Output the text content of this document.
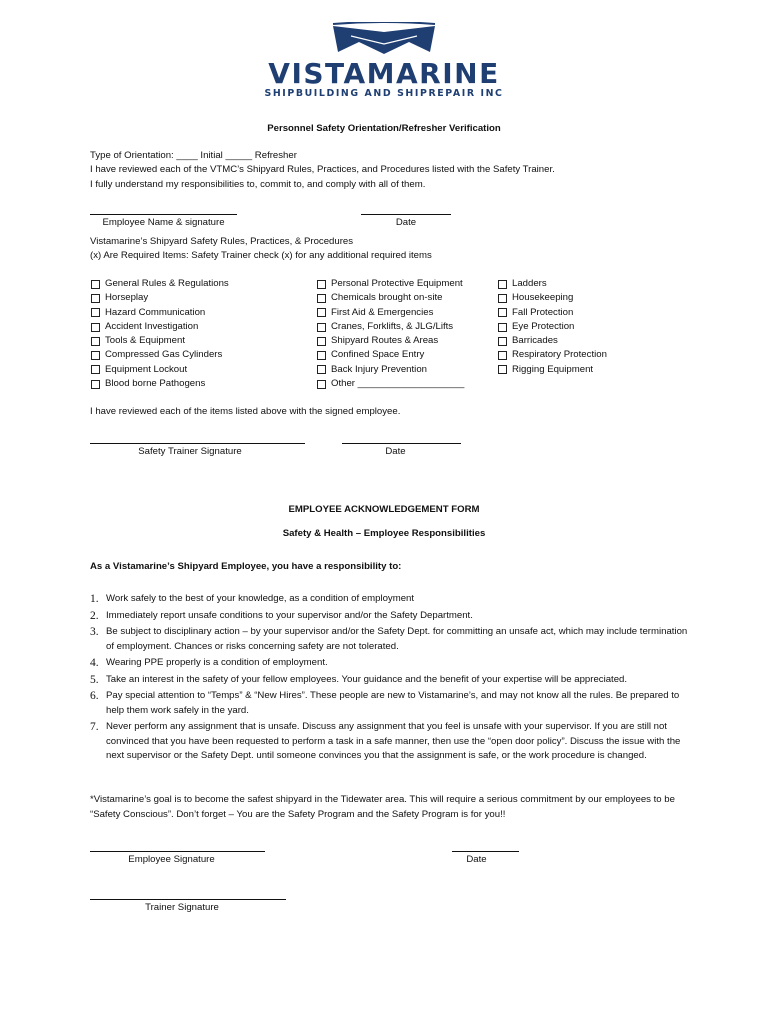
VISTAMARINE
SHIPBUILDING AND SHIPREPAIR INC
Personnel Safety Orientation/Refresher Verification
Type of Orientation: ____ Initial _____ Refresher
I have reviewed each of the VTMC’s Shipyard Rules, Practices, and Procedures listed with the Safety Trainer.
I fully understand my responsibilities to, commit to, and comply with all of them.
Employee Name & signature	Date
Vistamarine’s Shipyard Safety Rules, Practices, & Procedures
(x) Are Required Items: Safety Trainer check (x) for any additional required items
General Rules & Regulations
Horseplay
Hazard Communication
Accident Investigation
Tools & Equipment
Compressed Gas Cylinders
Equipment Lockout
Blood borne Pathogens
Personal Protective Equipment
Chemicals brought on-site
First Aid & Emergencies
Cranes, Forklifts, & JLG/Lifts
Shipyard Routes & Areas
Confined Space Entry
Back Injury Prevention
Other ____________________
Ladders
Housekeeping
Fall Protection
Eye Protection
Barricades
Respiratory Protection
Rigging Equipment
I have reviewed each of the items listed above with the signed employee.
Safety Trainer Signature	Date
EMPLOYEE ACKNOWLEDGEMENT FORM
Safety & Health – Employee Responsibilities
As a Vistamarine’s Shipyard Employee, you have a responsibility to:
1. Work safely to the best of your knowledge, as a condition of employment
2. Immediately report unsafe conditions to your supervisor and/or the Safety Department.
3. Be subject to disciplinary action – by your supervisor and/or the Safety Dept. for committing an unsafe act, which may include termination of employment. Chances or risks concerning safety are not tolerated.
4. Wearing PPE properly is a condition of employment.
5. Take an interest in the safety of your fellow employees. Your guidance and the benefit of your expertise will be appreciated.
6. Pay special attention to “Temps” & “New Hires”. These people are new to Vistamarine’s, and may not know all the rules. Be prepared to help them work safely in the yard.
7. Never perform any assignment that is unsafe. Discuss any assignment that you feel is unsafe with your supervisor. If you are still not convinced that you have been requested to perform a task in a safe manner, then use the “open door policy”. Discuss the issue with the next supervisor or the Safety Dept. until someone convinces you that the assignment is safe, or the work procedure is changed.
*Vistamarine’s goal is to become the safest shipyard in the Tidewater area. This will require a serious commitment by our employees to be “Safety Conscious”. Don’t forget – You are the Safety Program and the Safety Program is for you!!
Employee Signature	Date
Trainer Signature
